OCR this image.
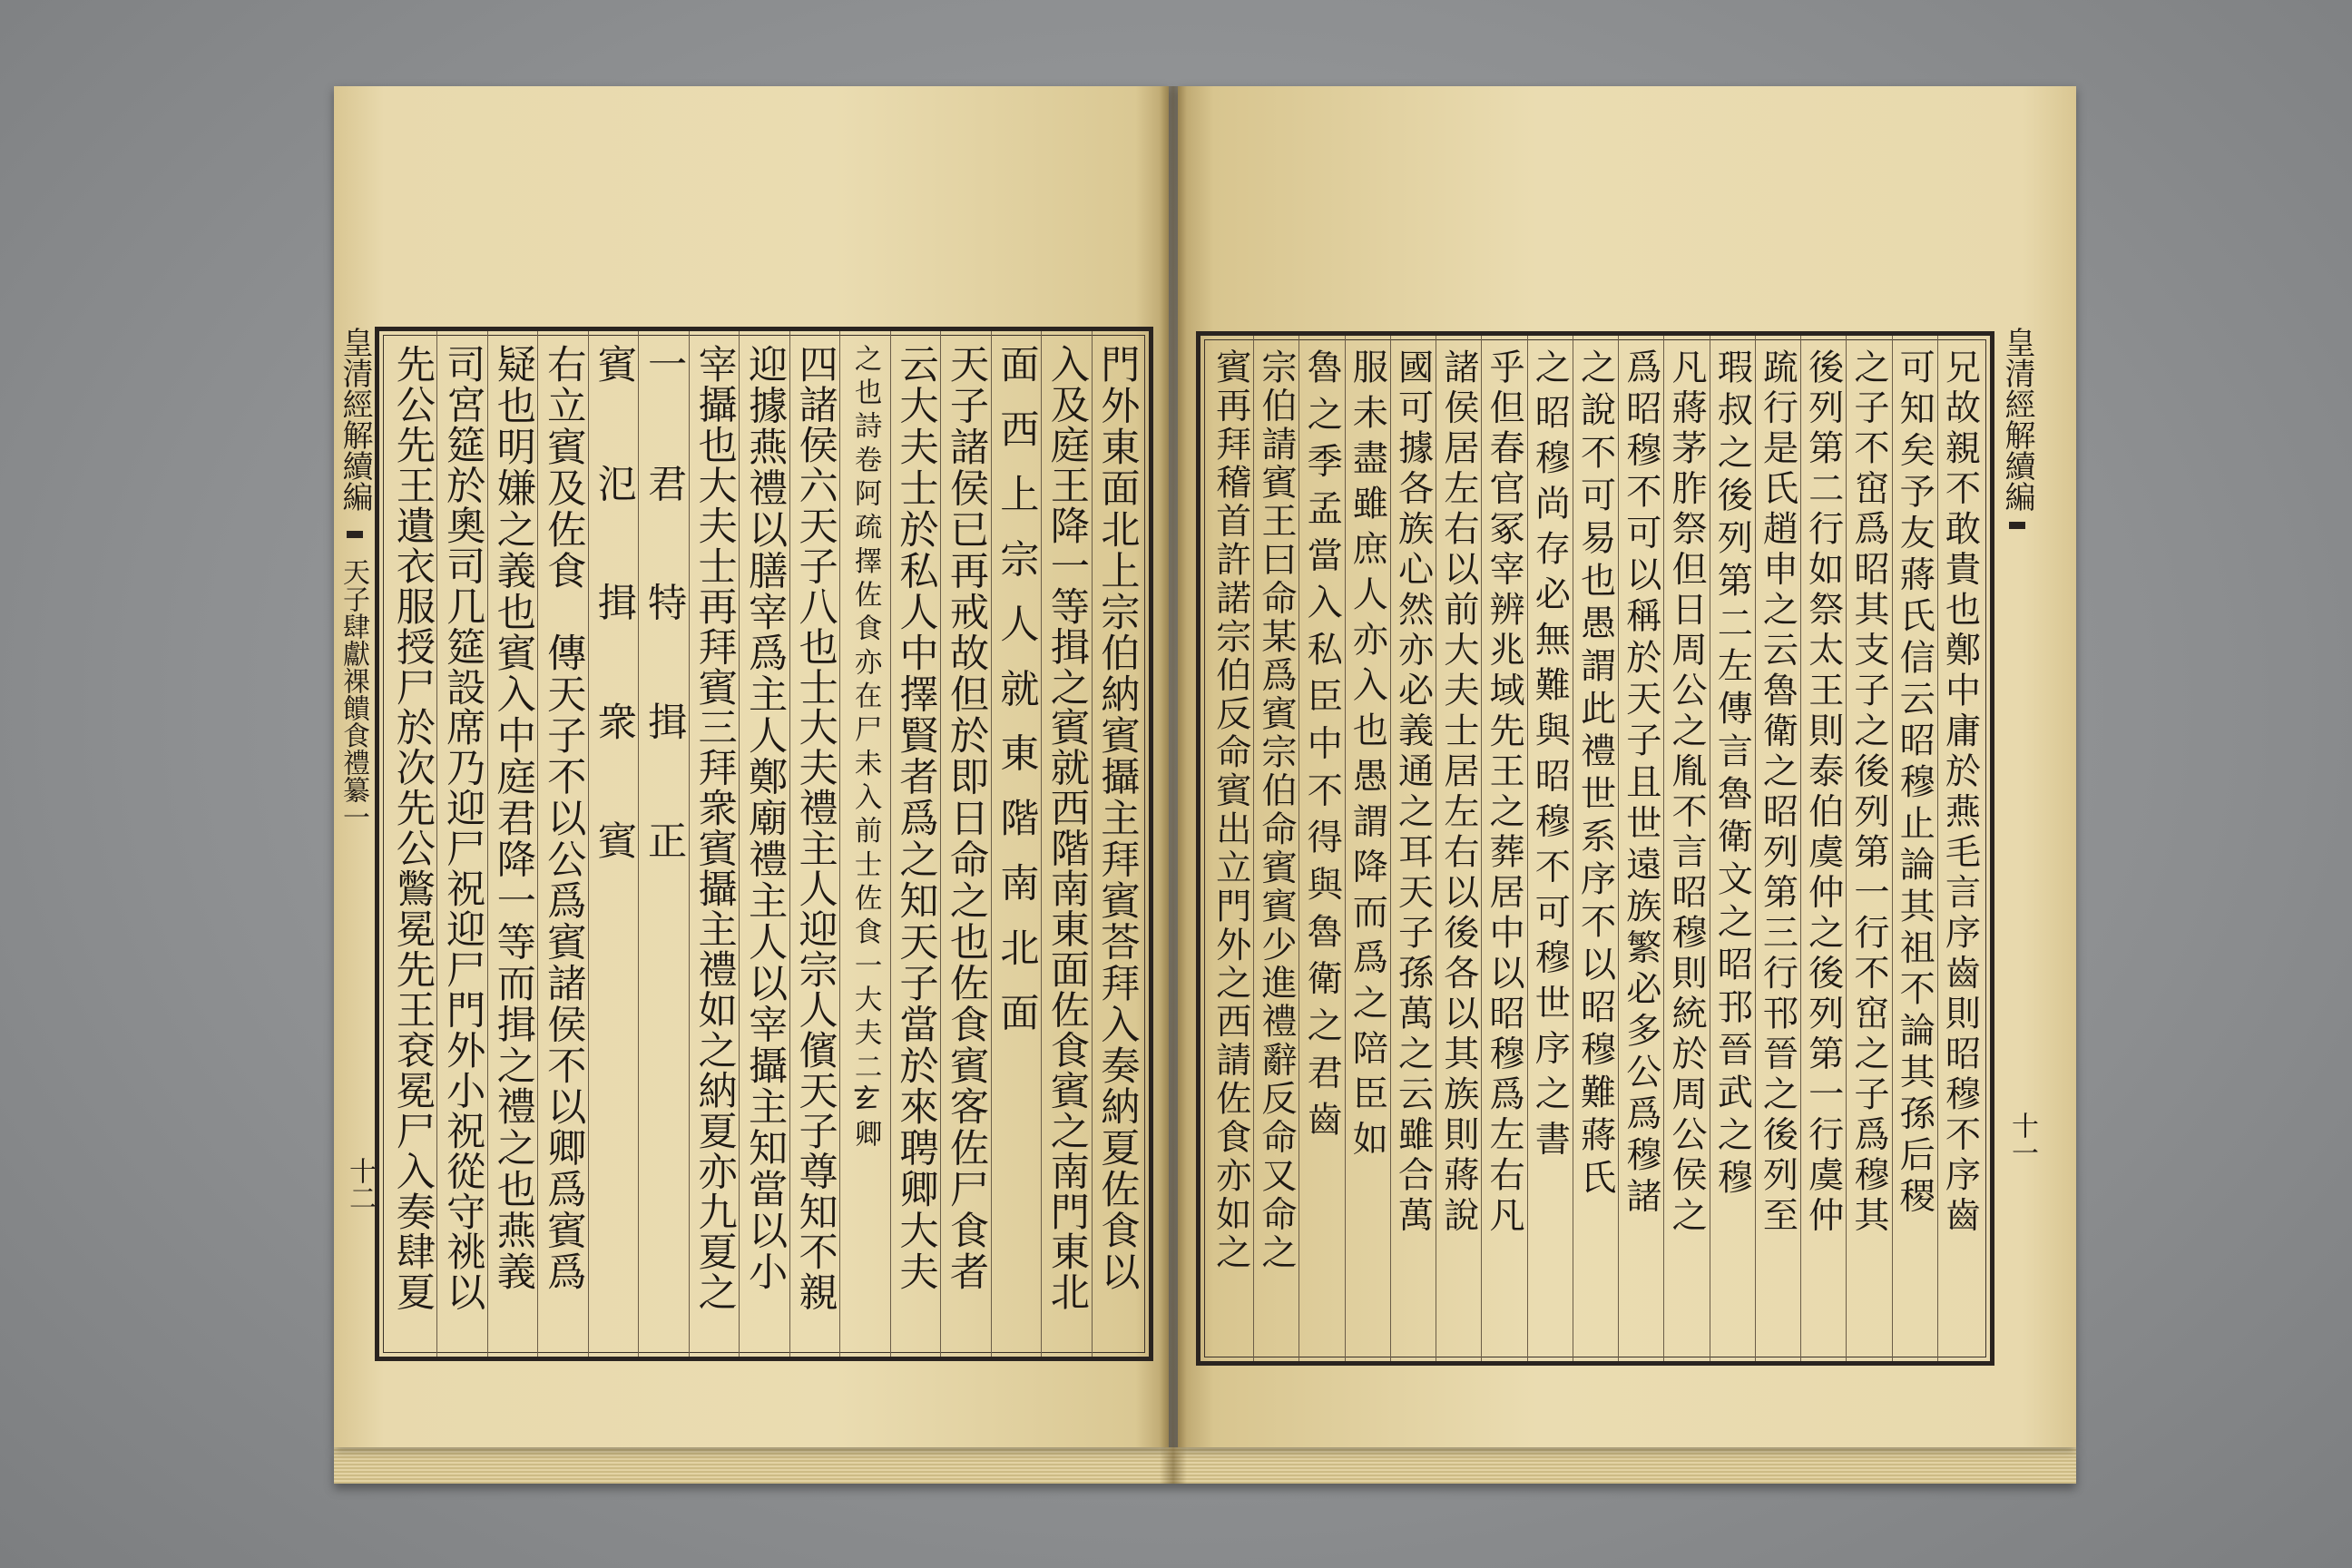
皇清經解續編
天子肆獻祼饋食禮纂一
十二	門外東面北上宗伯納賓攝主拜賓荅拜入奏納夏佐食以
入及庭王降一等揖之賓就西階南東面佐食賓之南門東北
面西上宗人就東階南北面
天子諸侯已再戒故但於即日命之也佐食賓客佐尸食者
云大夫士於私人中擇賢者爲之知天子當於來聘卿大夫
之也詩卷阿疏擇佐食亦在尸未入前士佐食一大夫二𤣥卿
四諸侯六天子八也士大夫禮主人迎宗人儐天子尊知不親
迎據燕禮以膳宰爲主人鄭廟禮主人以宰攝主知當以小
宰攝也大夫士再拜賓三拜衆賓攝主禮如之納夏亦九夏之
一君特揖正
賓氾揖衆賓
右立賓及佐食　傳天子不以公爲賓諸侯不以卿爲賓爲
疑也明嫌之義也賓入中庭君降一等而揖之禮之也燕義
司宮筵於奧司几筵設席乃迎尸祝迎尸門外小祝從守祧以
先公先王遺衣服授尸於次先公鷩冕先王袞冕尸入奏肆夏	皇清經解續編
十一
兄故親不敢貴也鄭中庸於燕毛言序齒則昭穆不序齒
可知矣予友蔣氏信云昭穆止論其祖不論其孫后稷
之子不窋爲昭其支子之後列第一行不窋之子爲穆其
後列第二行如祭太王則泰伯虞仲之後列第一行虞仲
䟽行是氏趙申之云魯衛之昭列第三行邗晉之後列至
瑕叔之後列第二左傳言魯衛文之昭邘晉武之穆
凡蔣茅胙祭但日周公之胤不言昭穆則統於周公侯之
爲昭穆不可以稱於天子且世遠族繁必多公爲穆諸
之說不可易也愚謂此禮世系序不以昭穆難蔣氏
之昭穆尚存必無難與昭穆不可穆世序之書
乎但春官冢宰辨兆域先王之葬居中以昭穆爲左右凡
諸侯居左右以前大夫士居左右以後各以其族則蔣說
國可據各族心然亦必義通之耳天子孫萬之云雖合萬
服未盡雖庶人亦入也愚謂降而爲之陪臣如
魯之季孟當入私臣中不得與魯衛之君齒
宗伯請賓王曰命某爲賓宗伯命賓賓少進禮辭反命又命之
賓再拜稽首許諾宗伯反命賓出立門外之西請佐食亦如之
